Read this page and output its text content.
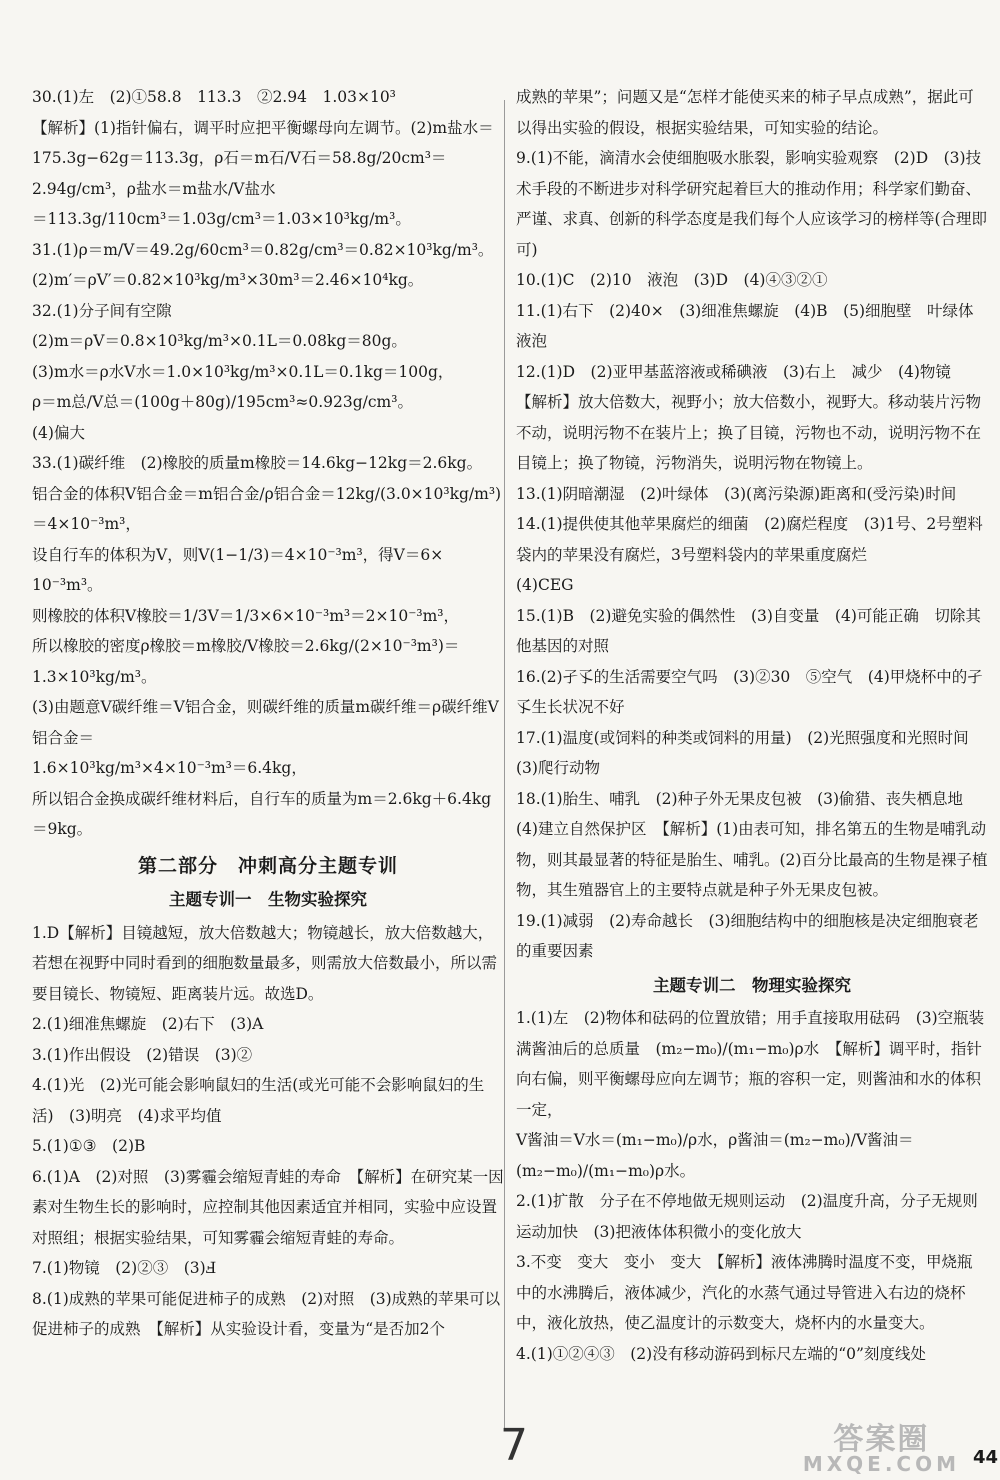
30.(1)左　(2)①58.8　113.3　②2.94　1.03×10³

【解析】(1)指针偏右，调平时应把平衡螺母向左调节。(2)m盐水＝

175.3g−62g＝113.3g，ρ石＝m石/V石＝58.8g/20cm³＝2.94g/cm³，ρ盐水＝m盐水/V盐水

＝113.3g/110cm³＝1.03g/cm³＝1.03×10³kg/m³。

31.(1)ρ＝m/V＝49.2g/60cm³＝0.82g/cm³＝0.82×10³kg/m³。

(2)m′＝ρV′＝0.82×10³kg/m³×30m³＝2.46×10⁴kg。

32.(1)分子间有空隙

(2)m＝ρV＝0.8×10³kg/m³×0.1L＝0.08kg＝80g。

(3)m水＝ρ水V水＝1.0×10³kg/m³×0.1L＝0.1kg＝100g，

ρ＝m总/V总＝(100g＋80g)/195cm³≈0.923g/cm³。

(4)偏大

33.(1)碳纤维　(2)橡胶的质量m橡胶＝14.6kg−12kg＝2.6kg。

铝合金的体积V铝合金＝m铝合金/ρ铝合金＝12kg/(3.0×10³kg/m³)＝4×10⁻³m³，

设自行车的体积为V，则V(1−1/3)＝4×10⁻³m³，得V＝6×

10⁻³m³。

则橡胶的体积V橡胶＝1/3V＝1/3×6×10⁻³m³＝2×10⁻³m³，

所以橡胶的密度ρ橡胶＝m橡胶/V橡胶＝2.6kg/(2×10⁻³m³)＝1.3×10³kg/m³。

(3)由题意V碳纤维＝V铝合金，则碳纤维的质量m碳纤维＝ρ碳纤维V铝合金＝

1.6×10³kg/m³×4×10⁻³m³＝6.4kg，

所以铝合金换成碳纤维材料后，自行车的质量为m＝2.6kg＋6.4kg

＝9kg。

第二部分　冲刺高分主题专训
主题专训一　生物实验探究

1.D【解析】目镜越短，放大倍数越大；物镜越长，放大倍数越大，若想在视野中同时看到的细胞数量最多，则需放大倍数最小，所以需要目镜长、物镜短、距离装片远。故选D。

2.(1)细准焦螺旋　(2)右下　(3)A

3.(1)作出假设　(2)错误　(3)②

4.(1)光　(2)光可能会影响鼠妇的生活(或光可能不会影响鼠妇的生活)　(3)明亮　(4)求平均值

5.(1)①③　(2)B

6.(1)A　(2)对照　(3)雾霾会缩短青蛙的寿命　【解析】在研究某一因素对生物生长的影响时，应控制其他因素适宜并相同，实验中应设置对照组；根据实验结果，可知雾霾会缩短青蛙的寿命。

7.(1)物镜　(2)②③　(3)Ⅎ

8.(1)成熟的苹果可能促进柿子的成熟　(2)对照　(3)成熟的苹果可以促进柿子的成熟　【解析】从实验设计看，变量为“是否加2个

成熟的苹果”；问题又是“怎样才能使买来的柿子早点成熟”，据此可以得出实验的假设，根据实验结果，可知实验的结论。

9.(1)不能，滴清水会使细胞吸水胀裂，影响实验观察　(2)D　(3)技术手段的不断进步对科学研究起着巨大的推动作用；科学家们勤奋、严谨、求真、创新的科学态度是我们每个人应该学习的榜样等(合理即可)

10.(1)C　(2)10　液泡　(3)D　(4)④③②①

11.(1)右下　(2)40×　(3)细准焦螺旋　(4)B　(5)细胞壁　叶绿体　液泡

12.(1)D　(2)亚甲基蓝溶液或稀碘液　(3)右上　减少　(4)物镜

【解析】放大倍数大，视野小；放大倍数小，视野大。移动装片污物不动，说明污物不在装片上；换了目镜，污物也不动，说明污物不在目镜上；换了物镜，污物消失，说明污物在物镜上。

13.(1)阴暗潮湿　(2)叶绿体　(3)(离污染源)距离和(受污染)时间

14.(1)提供使其他苹果腐烂的细菌　(2)腐烂程度　(3)1号、2号塑料袋内的苹果没有腐烂，3号塑料袋内的苹果重度腐烂

(4)CEG

15.(1)B　(2)避免实验的偶然性　(3)自变量　(4)可能正确　切除其他基因的对照

16.(2)孑孓的生活需要空气吗　(3)②30　⑤空气　(4)甲烧杯中的孑孓生长状况不好

17.(1)温度(或饲料的种类或饲料的用量)　(2)光照强度和光照时间　(3)爬行动物

18.(1)胎生、哺乳　(2)种子外无果皮包被　(3)偷猎、丧失栖息地　(4)建立自然保护区　【解析】(1)由表可知，排名第五的生物是哺乳动物，则其最显著的特征是胎生、哺乳。(2)百分比最高的生物是裸子植物，其生殖器官上的主要特点就是种子外无果皮包被。

19.(1)减弱　(2)寿命越长　(3)细胞结构中的细胞核是决定细胞衰老的重要因素

主题专训二　物理实验探究

1.(1)左　(2)物体和砝码的位置放错；用手直接取用砝码　(3)空瓶装满酱油后的总质量　(m₂−m₀)/(m₁−m₀)ρ水　【解析】调平时，指针向右偏，则平衡螺母应向左调节；瓶的容积一定，则酱油和水的体积一定，

V酱油＝V水＝(m₁−m₀)/ρ水，ρ酱油＝(m₂−m₀)/V酱油＝(m₂−m₀)/(m₁−m₀)ρ水。

2.(1)扩散　分子在不停地做无规则运动　(2)温度升高，分子无规则运动加快　(3)把液体体积微小的变化放大

3.不变　变大　变小　变大　【解析】液体沸腾时温度不变，甲烧瓶中的水沸腾后，液体减少，汽化的水蒸气通过导管进入右边的烧杯中，液化放热，使乙温度计的示数变大，烧杯内的水量变大。

4.(1)①②④③　(2)没有移动游码到标尺左端的“0”刻度线处

7	答案圈
MXQE.COM 44
